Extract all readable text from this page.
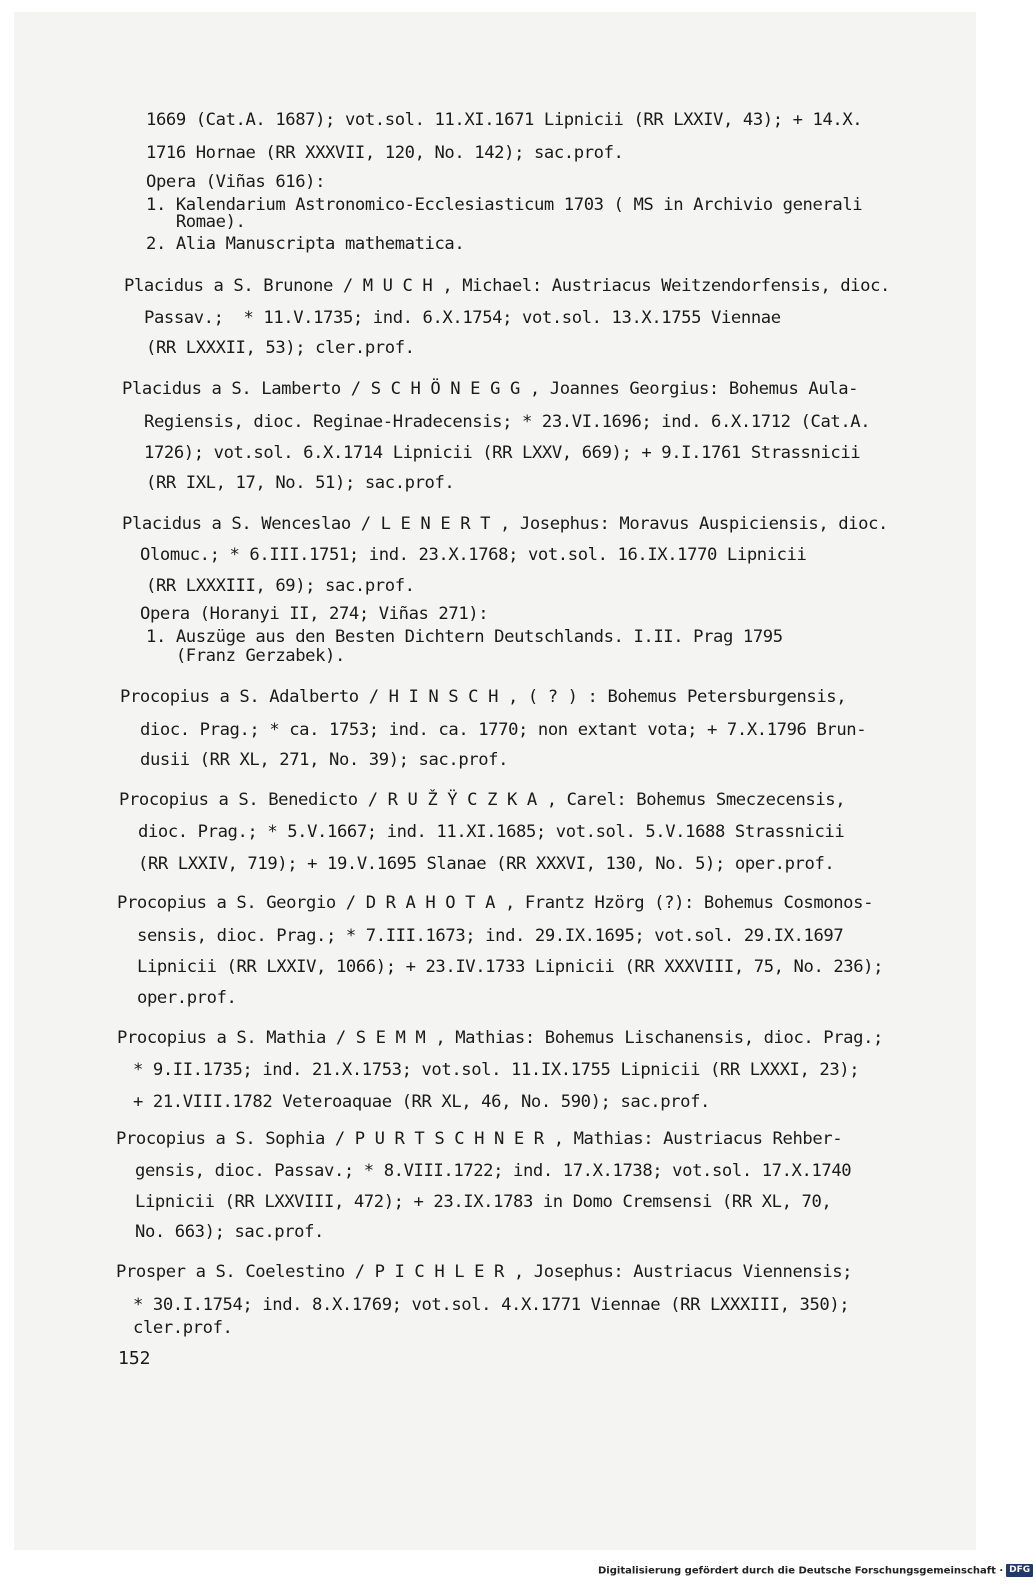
1669 (Cat.A. 1687); vot.sol. 11.XI.1671 Lipnicii (RR LXXIV, 43); + 14.X.
1716 Hornae (RR XXXVII, 120, No. 142); sac.prof.
Opera (Viñas 616):
1. Kalendarium Astronomico-Ecclesiasticum 1703 ( MS in Archivio generali
Romae).
2. Alia Manuscripta mathematica.
Placidus a S. Brunone / M U C H , Michael: Austriacus Weitzendorfensis, dioc.
Passav.;  * 11.V.1735; ind. 6.X.1754; vot.sol. 13.X.1755 Viennae
(RR LXXXII, 53); cler.prof.
Placidus a S. Lamberto / S C H Ö N E G G , Joannes Georgius: Bohemus Aula-
Regiensis, dioc. Reginae-Hradecensis; * 23.VI.1696; ind. 6.X.1712 (Cat.A.
1726); vot.sol. 6.X.1714 Lipnicii (RR LXXV, 669); + 9.I.1761 Strassnicii
(RR IXL, 17, No. 51); sac.prof.
Placidus a S. Wenceslao / L E N E R T , Josephus: Moravus Auspiciensis, dioc.
Olomuc.; * 6.III.1751; ind. 23.X.1768; vot.sol. 16.IX.1770 Lipnicii
(RR LXXXIII, 69); sac.prof.
Opera (Horanyi II, 274; Viñas 271):
1. Auszüge aus den Besten Dichtern Deutschlands. I.II. Prag 1795
(Franz Gerzabek).
Procopius a S. Adalberto / H I N S C H , ( ? ) : Bohemus Petersburgensis,
dioc. Prag.; * ca. 1753; ind. ca. 1770; non extant vota; + 7.X.1796 Brun-
dusii (RR XL, 271, No. 39); sac.prof.
Procopius a S. Benedicto / R U Ž Ÿ C Z K A , Carel: Bohemus Smeczecensis,
dioc. Prag.; * 5.V.1667; ind. 11.XI.1685; vot.sol. 5.V.1688 Strassnicii
(RR LXXIV, 719); + 19.V.1695 Slanae (RR XXXVI, 130, No. 5); oper.prof.
Procopius a S. Georgio / D R A H O T A , Frantz Hzörg (?): Bohemus Cosmonos-
sensis, dioc. Prag.; * 7.III.1673; ind. 29.IX.1695; vot.sol. 29.IX.1697
Lipnicii (RR LXXIV, 1066); + 23.IV.1733 Lipnicii (RR XXXVIII, 75, No. 236);
oper.prof.
Procopius a S. Mathia / S E M M , Mathias: Bohemus Lischanensis, dioc. Prag.;
* 9.II.1735; ind. 21.X.1753; vot.sol. 11.IX.1755 Lipnicii (RR LXXXI, 23);
+ 21.VIII.1782 Veteroaquae (RR XL, 46, No. 590); sac.prof.
Procopius a S. Sophia / P U R T S C H N E R , Mathias: Austriacus Rehber-
gensis, dioc. Passav.; * 8.VIII.1722; ind. 17.X.1738; vot.sol. 17.X.1740
Lipnicii (RR LXXVIII, 472); + 23.IX.1783 in Domo Cremsensi (RR XL, 70,
No. 663); sac.prof.
Prosper a S. Coelestino / P I C H L E R , Josephus: Austriacus Viennensis;
* 30.I.1754; ind. 8.X.1769; vot.sol. 4.X.1771 Viennae (RR LXXXIII, 350);
cler.prof.
152
Digitalisierung gefördert durch die Deutsche Forschungsgemeinschaft · DFG
